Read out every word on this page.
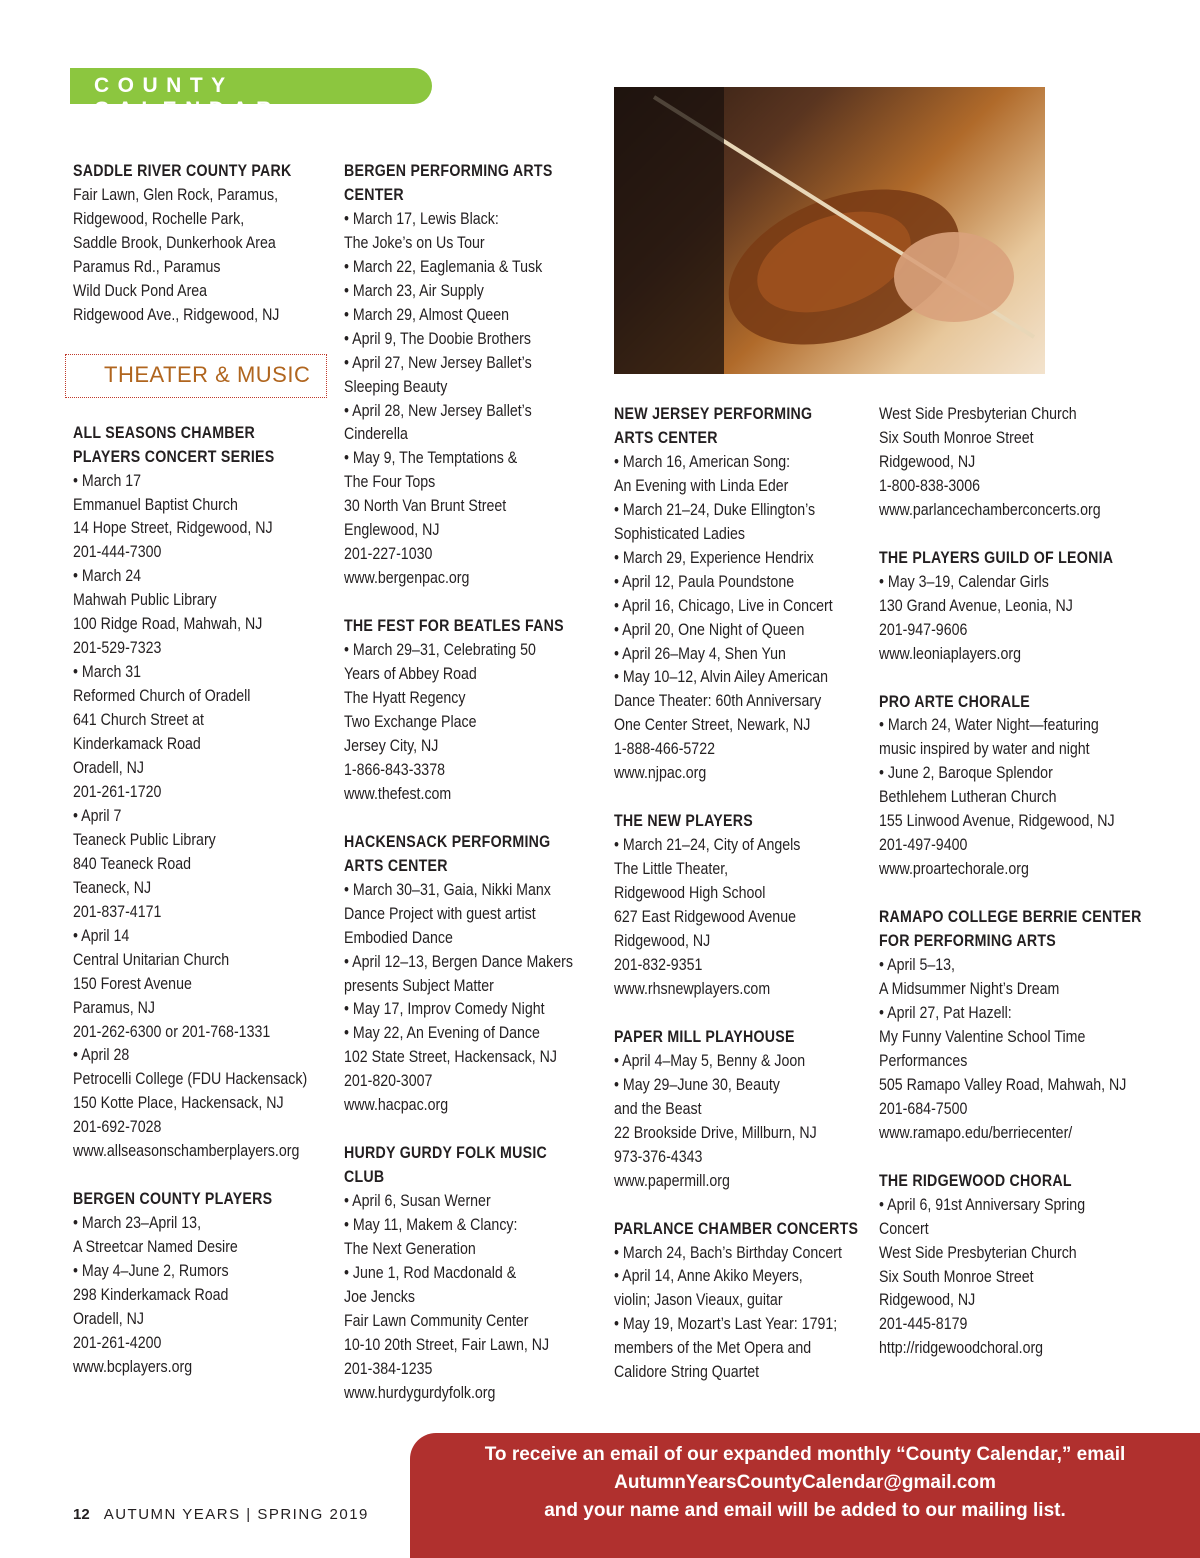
COUNTY CALENDAR
SADDLE RIVER COUNTY PARK
Fair Lawn, Glen Rock, Paramus,
Ridgewood, Rochelle Park,
Saddle Brook, Dunkerhook Area
Paramus Rd., Paramus
Wild Duck Pond Area
Ridgewood Ave., Ridgewood, NJ
THEATER & MUSIC
ALL SEASONS CHAMBER
PLAYERS CONCERT SERIES
• March 17
Emmanuel Baptist Church
14 Hope Street, Ridgewood, NJ
201-444-7300
• March 24
Mahwah Public Library
100 Ridge Road, Mahwah, NJ
201-529-7323
• March 31
Reformed Church of Oradell
641 Church Street at
Kinderkamack Road
Oradell, NJ
201-261-1720
• April 7
Teaneck Public Library
840 Teaneck Road
Teaneck, NJ
201-837-4171
• April 14
Central Unitarian Church
150 Forest Avenue
Paramus, NJ
201-262-6300 or 201-768-1331
• April 28
Petrocelli College (FDU Hackensack)
150 Kotte Place, Hackensack, NJ
201-692-7028
www.allseasonschamberplayers.org
BERGEN COUNTY PLAYERS
• March 23–April 13,
A Streetcar Named Desire
• May 4–June 2, Rumors
298 Kinderkamack Road
Oradell, NJ
201-261-4200
www.bcplayers.org
BERGEN PERFORMING ARTS
CENTER
• March 17, Lewis Black:
The Joke’s on Us Tour
• March 22, Eaglemania & Tusk
• March 23, Air Supply
• March 29, Almost Queen
• April 9, The Doobie Brothers
• April 27, New Jersey Ballet’s
Sleeping Beauty
• April 28, New Jersey Ballet’s
Cinderella
• May 9, The Temptations &
The Four Tops
30 North Van Brunt Street
Englewood, NJ
201-227-1030
www.bergenpac.org
THE FEST FOR BEATLES FANS
• March 29–31, Celebrating 50
Years of Abbey Road
The Hyatt Regency
Two Exchange Place
Jersey City, NJ
1-866-843-3378
www.thefest.com
HACKENSACK PERFORMING
ARTS CENTER
• March 30–31, Gaia, Nikki Manx
Dance Project with guest artist
Embodied Dance
• April 12–13, Bergen Dance Makers
presents Subject Matter
• May 17, Improv Comedy Night
• May 22, An Evening of Dance
102 State Street, Hackensack, NJ
201-820-3007
www.hacpac.org
HURDY GURDY FOLK MUSIC
CLUB
• April 6, Susan Werner
• May 11, Makem & Clancy:
The Next Generation
• June 1, Rod Macdonald &
Joe Jencks
Fair Lawn Community Center
10-10 20th Street, Fair Lawn, NJ
201-384-1235
www.hurdygurdyfolk.org
NEW JERSEY PERFORMING
ARTS CENTER
• March 16, American Song:
An Evening with Linda Eder
• March 21–24, Duke Ellington’s
Sophisticated Ladies
• March 29, Experience Hendrix
• April 12, Paula Poundstone
• April 16, Chicago, Live in Concert
• April 20, One Night of Queen
• April 26–May 4, Shen Yun
• May 10–12, Alvin Ailey American
Dance Theater: 60th Anniversary
One Center Street, Newark, NJ
1-888-466-5722
www.njpac.org
THE NEW PLAYERS
• March 21–24, City of Angels
The Little Theater,
Ridgewood High School
627 East Ridgewood Avenue
Ridgewood, NJ
201-832-9351
www.rhsnewplayers.com
PAPER MILL PLAYHOUSE
• April 4–May 5, Benny & Joon
• May 29–June 30, Beauty
and the Beast
22 Brookside Drive, Millburn, NJ
973-376-4343
www.papermill.org
PARLANCE CHAMBER CONCERTS
• March 24, Bach’s Birthday Concert
• April 14, Anne Akiko Meyers,
violin; Jason Vieaux, guitar
• May 19, Mozart’s Last Year: 1791;
members of the Met Opera and
Calidore String Quartet
West Side Presbyterian Church
Six South Monroe Street
Ridgewood, NJ
1-800-838-3006
www.parlancechamberconcerts.org
THE PLAYERS GUILD OF LEONIA
• May 3–19, Calendar Girls
130 Grand Avenue, Leonia, NJ
201-947-9606
www.leoniaplayers.org
PRO ARTE CHORALE
• March 24, Water Night—featuring
music inspired by water and night
• June 2, Baroque Splendor
Bethlehem Lutheran Church
155 Linwood Avenue, Ridgewood, NJ
201-497-9400
www.proartechorale.org
RAMAPO COLLEGE BERRIE CENTER
FOR PERFORMING ARTS
• April 5–13,
A Midsummer Night’s Dream
• April 27, Pat Hazell:
My Funny Valentine School Time
Performances
505 Ramapo Valley Road, Mahwah, NJ
201-684-7500
www.ramapo.edu/berriecenter/
THE RIDGEWOOD CHORAL
• April 6, 91st Anniversary Spring
Concert
West Side Presbyterian Church
Six South Monroe Street
Ridgewood, NJ
201-445-8179
http://ridgewoodchoral.org
To receive an email of our expanded monthly “County Calendar,” email
AutumnYearsCountyCalendar@gmail.com
and your name and email will be added to our mailing list.
12 AUTUMN YEARS | SPRING 2019
